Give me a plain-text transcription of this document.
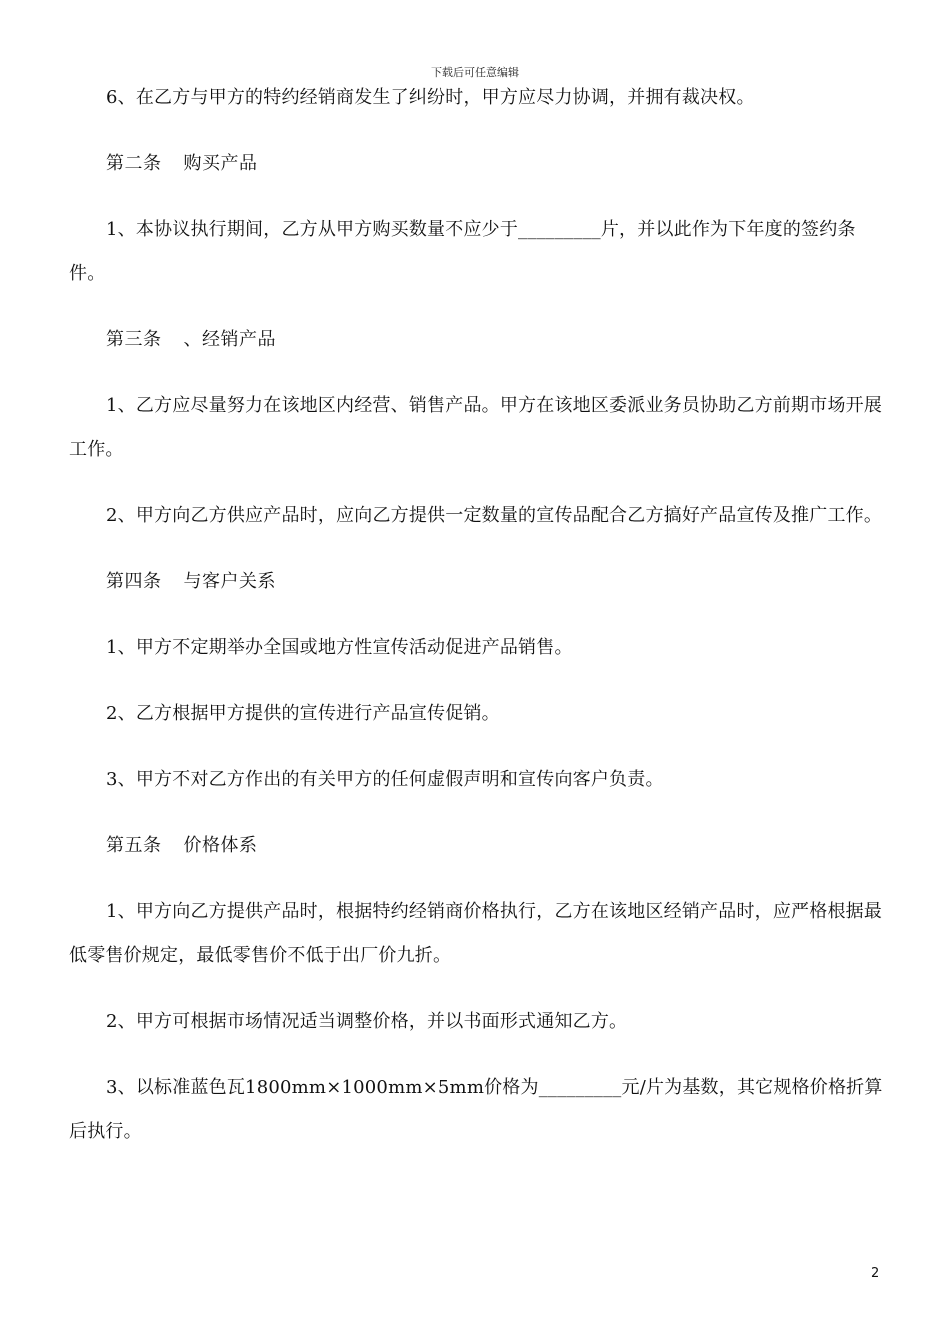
下载后可任意编辑

6、在乙方与甲方的特约经销商发生了纠纷时，甲方应尽力协调，并拥有裁决权。

第二条 购买产品

1、本协议执行期间，乙方从甲方购买数量不应少于_________片，并以此作为下年度的签约条件。

第三条 、经销产品

1、乙方应尽量努力在该地区内经营、销售产品。甲方在该地区委派业务员协助乙方前期市场开展工作。

2、甲方向乙方供应产品时，应向乙方提供一定数量的宣传品配合乙方搞好产品宣传及推广工作。

第四条 与客户关系

1、甲方不定期举办全国或地方性宣传活动促进产品销售。

2、乙方根据甲方提供的宣传进行产品宣传促销。

3、甲方不对乙方作出的有关甲方的任何虚假声明和宣传向客户负责。

第五条 价格体系

1、甲方向乙方提供产品时，根据特约经销商价格执行，乙方在该地区经销产品时，应严格根据最低零售价规定，最低零售价不低于出厂价九折。

2、甲方可根据市场情况适当调整价格，并以书面形式通知乙方。

3、以标准蓝色瓦1800mm×1000mm×5mm价格为_________元/片为基数，其它规格价格折算后执行。

2
